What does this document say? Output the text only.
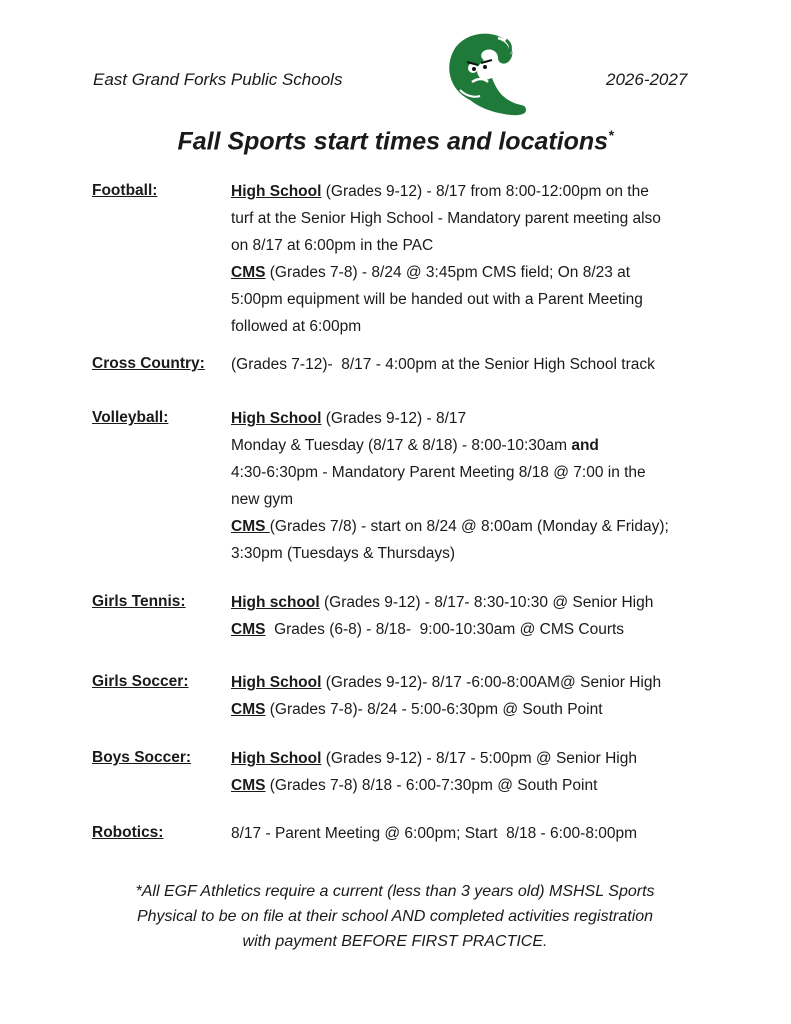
East Grand Forks Public Schools	2026-2027
Fall Sports start times and locations*
Football:	High School (Grades 9-12) - 8/17 from 8:00-12:00pm on the
turf at the Senior High School - Mandatory parent meeting also
on 8/17 at 6:00pm in the PAC
CMS (Grades 7-8) - 8/24 @ 3:45pm CMS field; On 8/23 at
5:00pm equipment will be handed out with a Parent Meeting
followed at 6:00pm
Cross Country: (Grades 7-12)-  8/17 - 4:00pm at the Senior High School track
Volleyball:	High School (Grades 9-12) - 8/17
Monday & Tuesday (8/17 & 8/18) - 8:00-10:30am and
4:30-6:30pm - Mandatory Parent Meeting 8/18 @ 7:00 in the
new gym
CMS (Grades 7/8) - start on 8/24 @ 8:00am (Monday & Friday);
3:30pm (Tuesdays & Thursdays)
Girls Tennis:	High school (Grades 9-12) - 8/17- 8:30-10:30 @ Senior High
CMS  Grades (6-8) - 8/18-  9:00-10:30am @ CMS Courts
Girls Soccer:	High School (Grades 9-12)- 8/17 -6:00-8:00AM@ Senior High
CMS (Grades 7-8)- 8/24 - 5:00-6:30pm @ South Point
Boys Soccer:	High School (Grades 9-12) - 8/17 - 5:00pm @ Senior High
CMS (Grades 7-8) 8/18 - 6:00-7:30pm @ South Point
Robotics:	8/17 - Parent Meeting @ 6:00pm; Start  8/18 - 6:00-8:00pm
*All EGF Athletics require a current (less than 3 years old) MSHSL Sports
Physical to be on file at their school AND completed activities registration
with payment BEFORE FIRST PRACTICE.
